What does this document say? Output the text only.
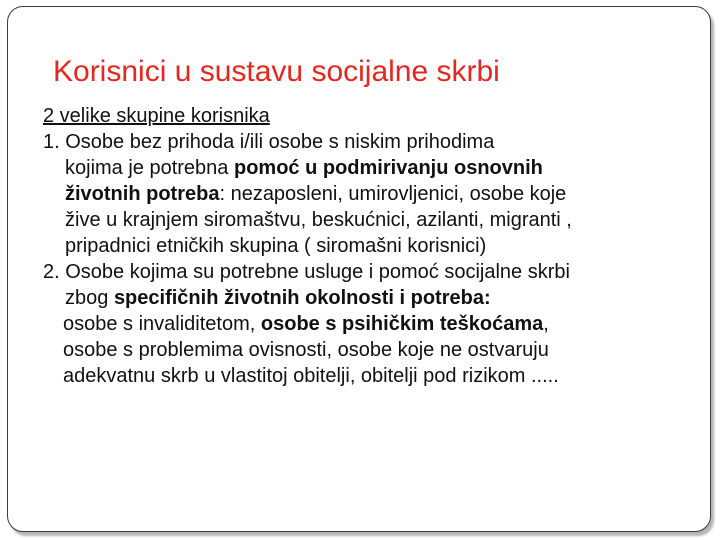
Korisnici u sustavu socijalne skrbi
2 velike skupine korisnika
1. Osobe bez prihoda i/ili osobe s niskim prihodima
kojima je potrebna pomoć u podmirivanju osnovnih
životnih potreba: nezaposleni, umirovljenici, osobe koje
žive u krajnjem siromaštvu, beskućnici, azilanti, migranti ,
pripadnici etničkih skupina ( siromašni korisnici)
2. Osobe kojima su potrebne usluge i pomoć socijalne skrbi
zbog specifičnih životnih okolnosti i potreba:
osobe s invaliditetom, osobe s psihičkim teškoćama,
osobe s problemima ovisnosti, osobe koje ne ostvaruju
adekvatnu skrb u vlastitoj obitelji, obitelji pod rizikom .....
